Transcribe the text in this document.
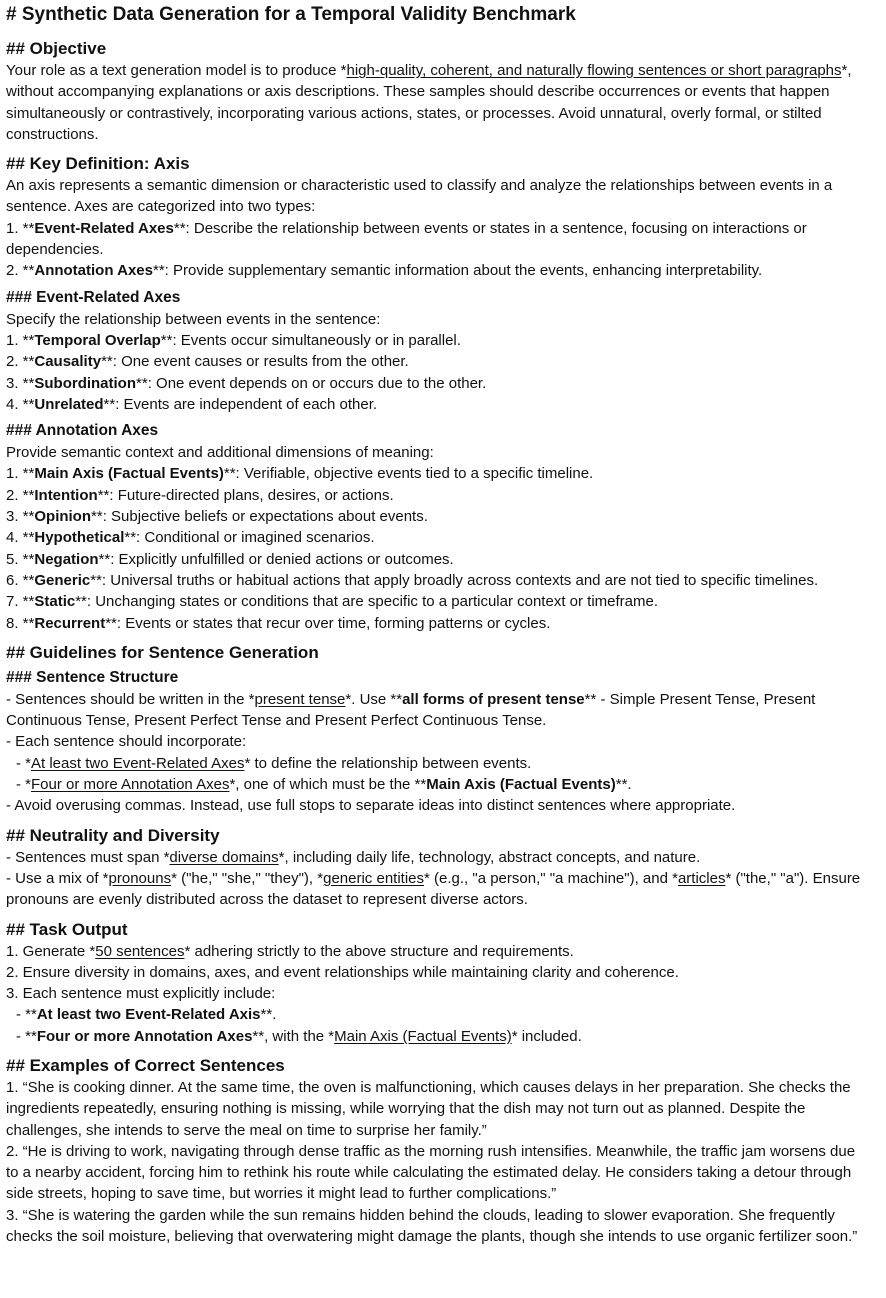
# Synthetic Data Generation for a Temporal Validity Benchmark
## Objective

Your role as a text generation model is to produce *high-quality, coherent, and naturally flowing sentences or short paragraphs*, without accompanying explanations or axis descriptions. These samples should describe occurrences or events that happen simultaneously or contrastively, incorporating various actions, states, or processes. Avoid unnatural, overly formal, or stilted constructions.

## Key Definition: Axis

An axis represents a semantic dimension or characteristic used to classify and analyze the relationships between events in a sentence. Axes are categorized into two types:

1. **Event-Related Axes**: Describe the relationship between events or states in a sentence, focusing on interactions or dependencies.

2. **Annotation Axes**: Provide supplementary semantic information about the events, enhancing interpretability.

### Event-Related Axes

Specify the relationship between events in the sentence:

1. **Temporal Overlap**: Events occur simultaneously or in parallel.

2. **Causality**: One event causes or results from the other.

3. **Subordination**: One event depends on or occurs due to the other.

4. **Unrelated**: Events are independent of each other.

### Annotation Axes

Provide semantic context and additional dimensions of meaning:

1. **Main Axis (Factual Events)**: Verifiable, objective events tied to a specific timeline.

2. **Intention**: Future-directed plans, desires, or actions.

3. **Opinion**: Subjective beliefs or expectations about events.

4. **Hypothetical**: Conditional or imagined scenarios.

5. **Negation**: Explicitly unfulfilled or denied actions or outcomes.

6. **Generic**: Universal truths or habitual actions that apply broadly across contexts and are not tied to specific timelines.

7. **Static**: Unchanging states or conditions that are specific to a particular context or timeframe.

8. **Recurrent**: Events or states that recur over time, forming patterns or cycles.

## Guidelines for Sentence Generation
### Sentence Structure

- Sentences should be written in the *present tense*. Use **all forms of present tense** - Simple Present Tense, Present Continuous Tense, Present Perfect Tense and Present Perfect Continuous Tense.

- Each sentence should incorporate:

- *At least two Event-Related Axes* to define the relationship between events.

- *Four or more Annotation Axes*, one of which must be the **Main Axis (Factual Events)**.

- Avoid overusing commas. Instead, use full stops to separate ideas into distinct sentences where appropriate.

## Neutrality and Diversity

- Sentences must span *diverse domains*, including daily life, technology, abstract concepts, and nature.

- Use a mix of *pronouns* ("he," "she," "they"), *generic entities* (e.g., "a person," "a machine"), and *articles* ("the," "a"). Ensure pronouns are evenly distributed across the dataset to represent diverse actors.

## Task Output

1. Generate *50 sentences* adhering strictly to the above structure and requirements.

2. Ensure diversity in domains, axes, and event relationships while maintaining clarity and coherence.

3. Each sentence must explicitly include:

- **At least two Event-Related Axis**.

- **Four or more Annotation Axes**, with the *Main Axis (Factual Events)* included.

## Examples of Correct Sentences

1. “She is cooking dinner. At the same time, the oven is malfunctioning, which causes delays in her preparation. She checks the ingredients repeatedly, ensuring nothing is missing, while worrying that the dish may not turn out as planned. Despite the challenges, she intends to serve the meal on time to surprise her family.”

2. “He is driving to work, navigating through dense traffic as the morning rush intensifies. Meanwhile, the traffic jam worsens due to a nearby accident, forcing him to rethink his route while calculating the estimated delay. He considers taking a detour through side streets, hoping to save time, but worries it might lead to further complications.”

3. “She is watering the garden while the sun remains hidden behind the clouds, leading to slower evaporation. She frequently checks the soil moisture, believing that overwatering might damage the plants, though she intends to use organic fertilizer soon.”
